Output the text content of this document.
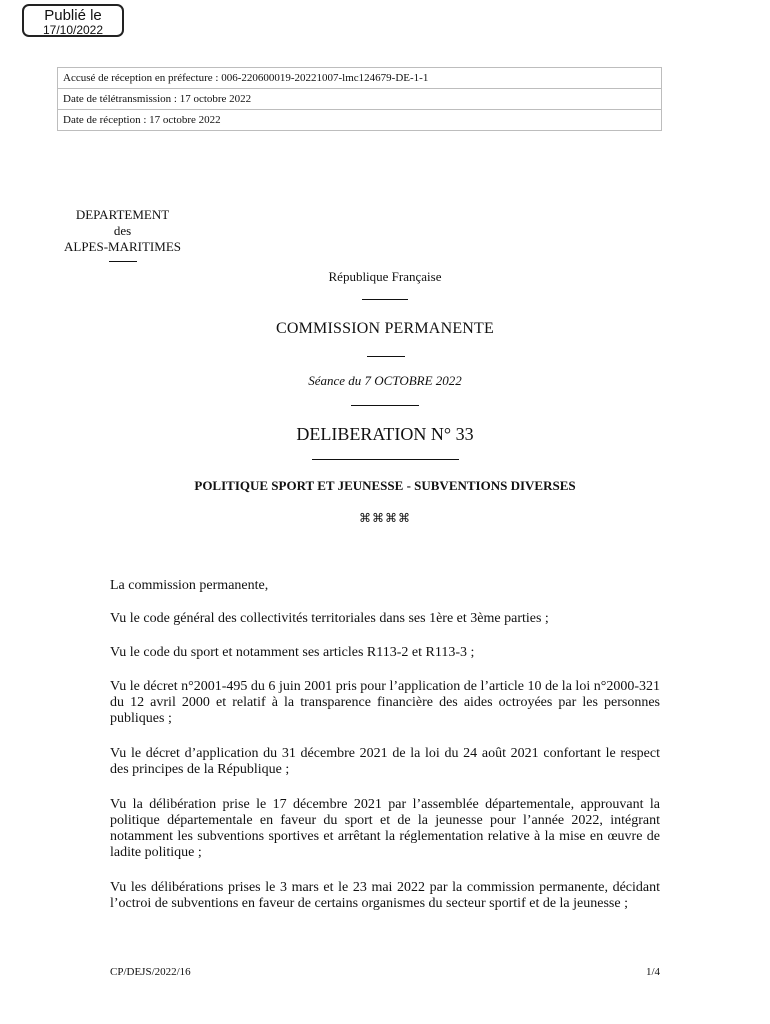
Publié le
17/10/2022
Accusé de réception en préfecture : 006-220600019-20221007-lmc124679-DE-1-1
Date de télétransmission : 17 octobre 2022
Date de réception : 17 octobre 2022
DEPARTEMENT
des
ALPES-MARITIMES
République Française
COMMISSION PERMANENTE
Séance du 7 OCTOBRE 2022
DELIBERATION N° 33
POLITIQUE SPORT ET JEUNESSE - SUBVENTIONS DIVERSES
⌘⌘⌘⌘
La commission permanente,
Vu le code général des collectivités territoriales dans ses 1ère et 3ème parties ;
Vu le code du sport et notamment ses articles R113-2 et R113-3 ;
Vu le décret n°2001-495 du 6 juin 2001 pris pour l’application de l’article 10 de la loi n°2000-321 du 12 avril 2000 et relatif à la transparence financière des aides octroyées par les personnes publiques ;
Vu le décret d’application du 31 décembre 2021 de la loi du 24 août 2021 confortant le respect des principes de la République ;
Vu la délibération prise le 17 décembre 2021 par l’assemblée départementale, approuvant la politique départementale en faveur du sport et de la jeunesse pour l’année 2022, intégrant notamment les subventions sportives et arrêtant la réglementation relative à la mise en œuvre de ladite politique ;
Vu les délibérations prises le 3 mars et le 23 mai 2022 par la commission permanente, décidant l’octroi de subventions en faveur de certains organismes du secteur sportif et de la jeunesse ;
CP/DEJS/2022/16	1/4
